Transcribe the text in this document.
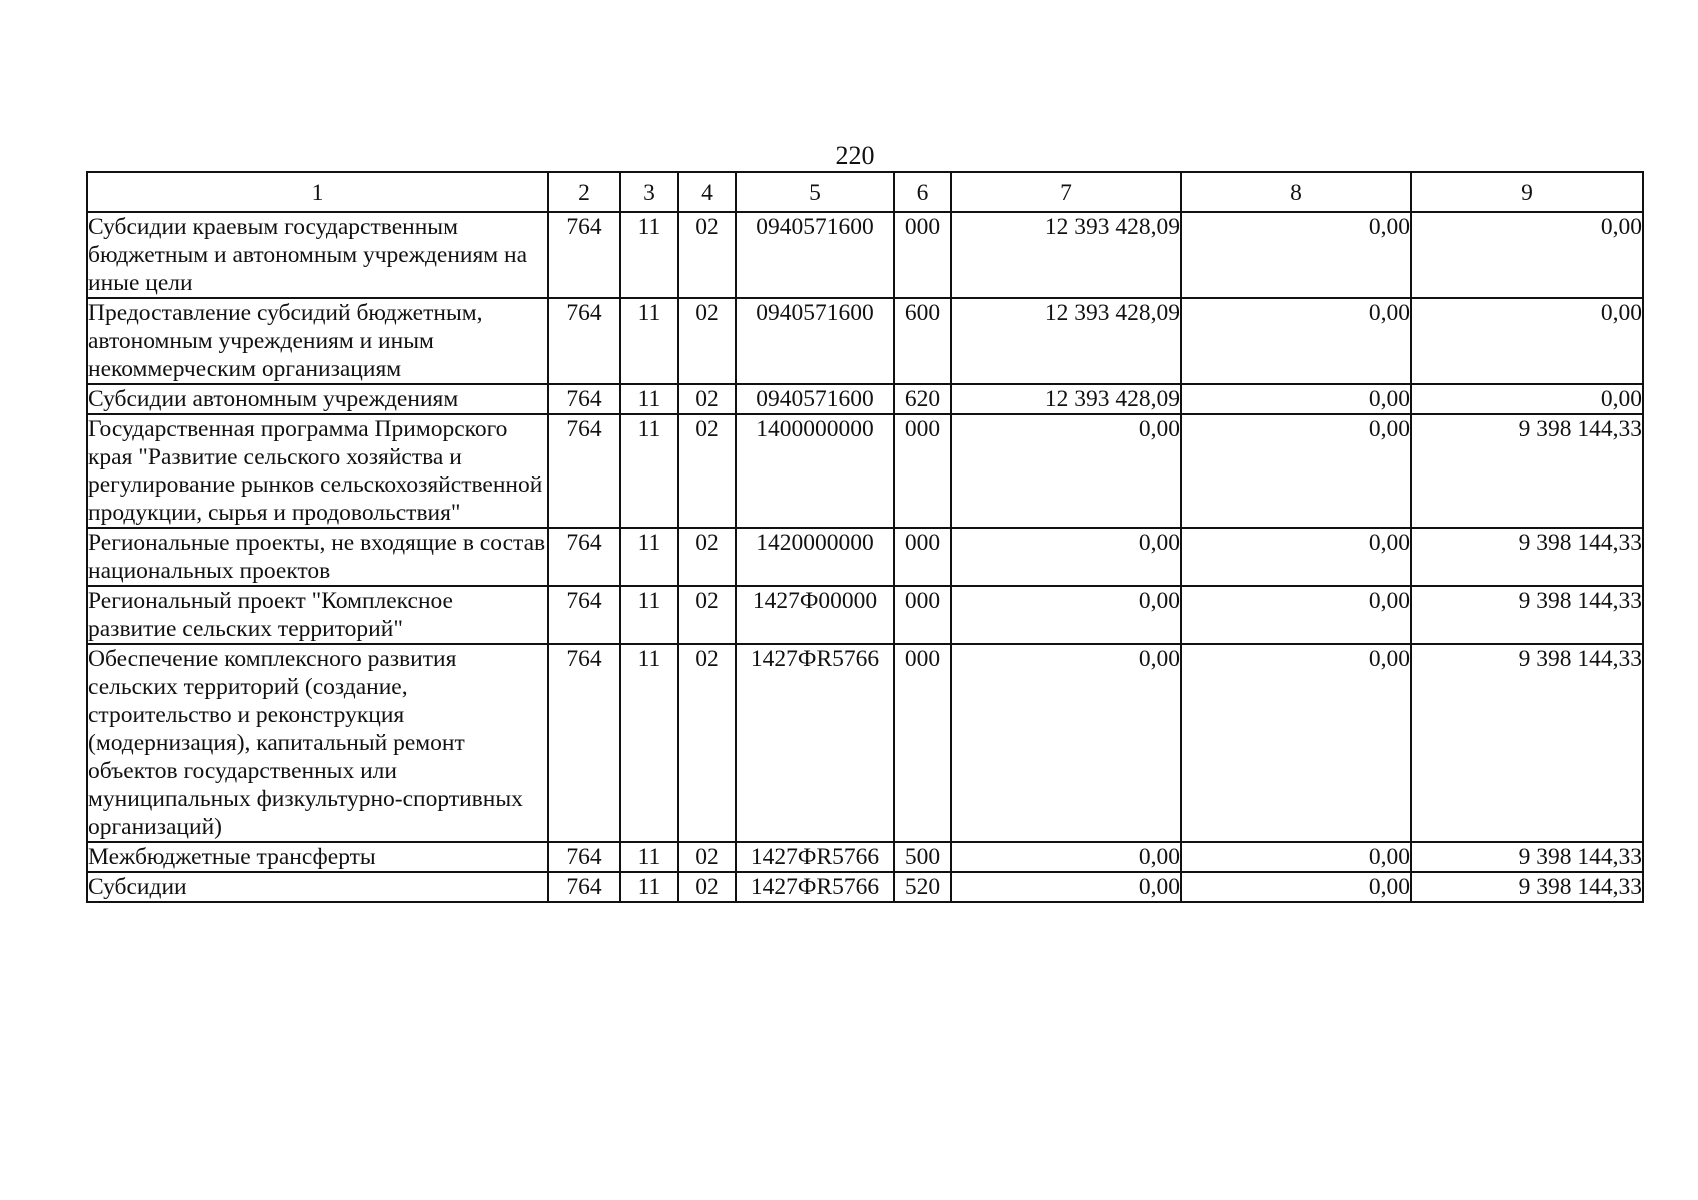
220
1	2	3	4	5	6	7	8	9
Субсидии краевым государственным бюджетным и автономным учреждениям на иные цели	764	11	02	0940571600	000	12 393 428,09	0,00	0,00
Предоставление субсидий бюджетным, автономным учреждениям и иным некоммерческим организациям	764	11	02	0940571600	600	12 393 428,09	0,00	0,00
Субсидии автономным учреждениям	764	11	02	0940571600	620	12 393 428,09	0,00	0,00
Государственная программа Приморского края "Развитие сельского хозяйства и регулирование рынков сельскохозяйственной продукции, сырья и продовольствия"	764	11	02	1400000000	000	0,00	0,00	9 398 144,33
Региональные проекты, не входящие в состав национальных проектов	764	11	02	1420000000	000	0,00	0,00	9 398 144,33
Региональный проект "Комплексное развитие сельских территорий"	764	11	02	1427Ф00000	000	0,00	0,00	9 398 144,33
Обеспечение комплексного развития сельских территорий (создание, строительство и реконструкция (модернизация), капитальный ремонт объектов государственных или муниципальных физкультурно-спортивных организаций)	764	11	02	1427ФR5766	000	0,00	0,00	9 398 144,33
Межбюджетные трансферты	764	11	02	1427ФR5766	500	0,00	0,00	9 398 144,33
Субсидии	764	11	02	1427ФR5766	520	0,00	0,00	9 398 144,33
